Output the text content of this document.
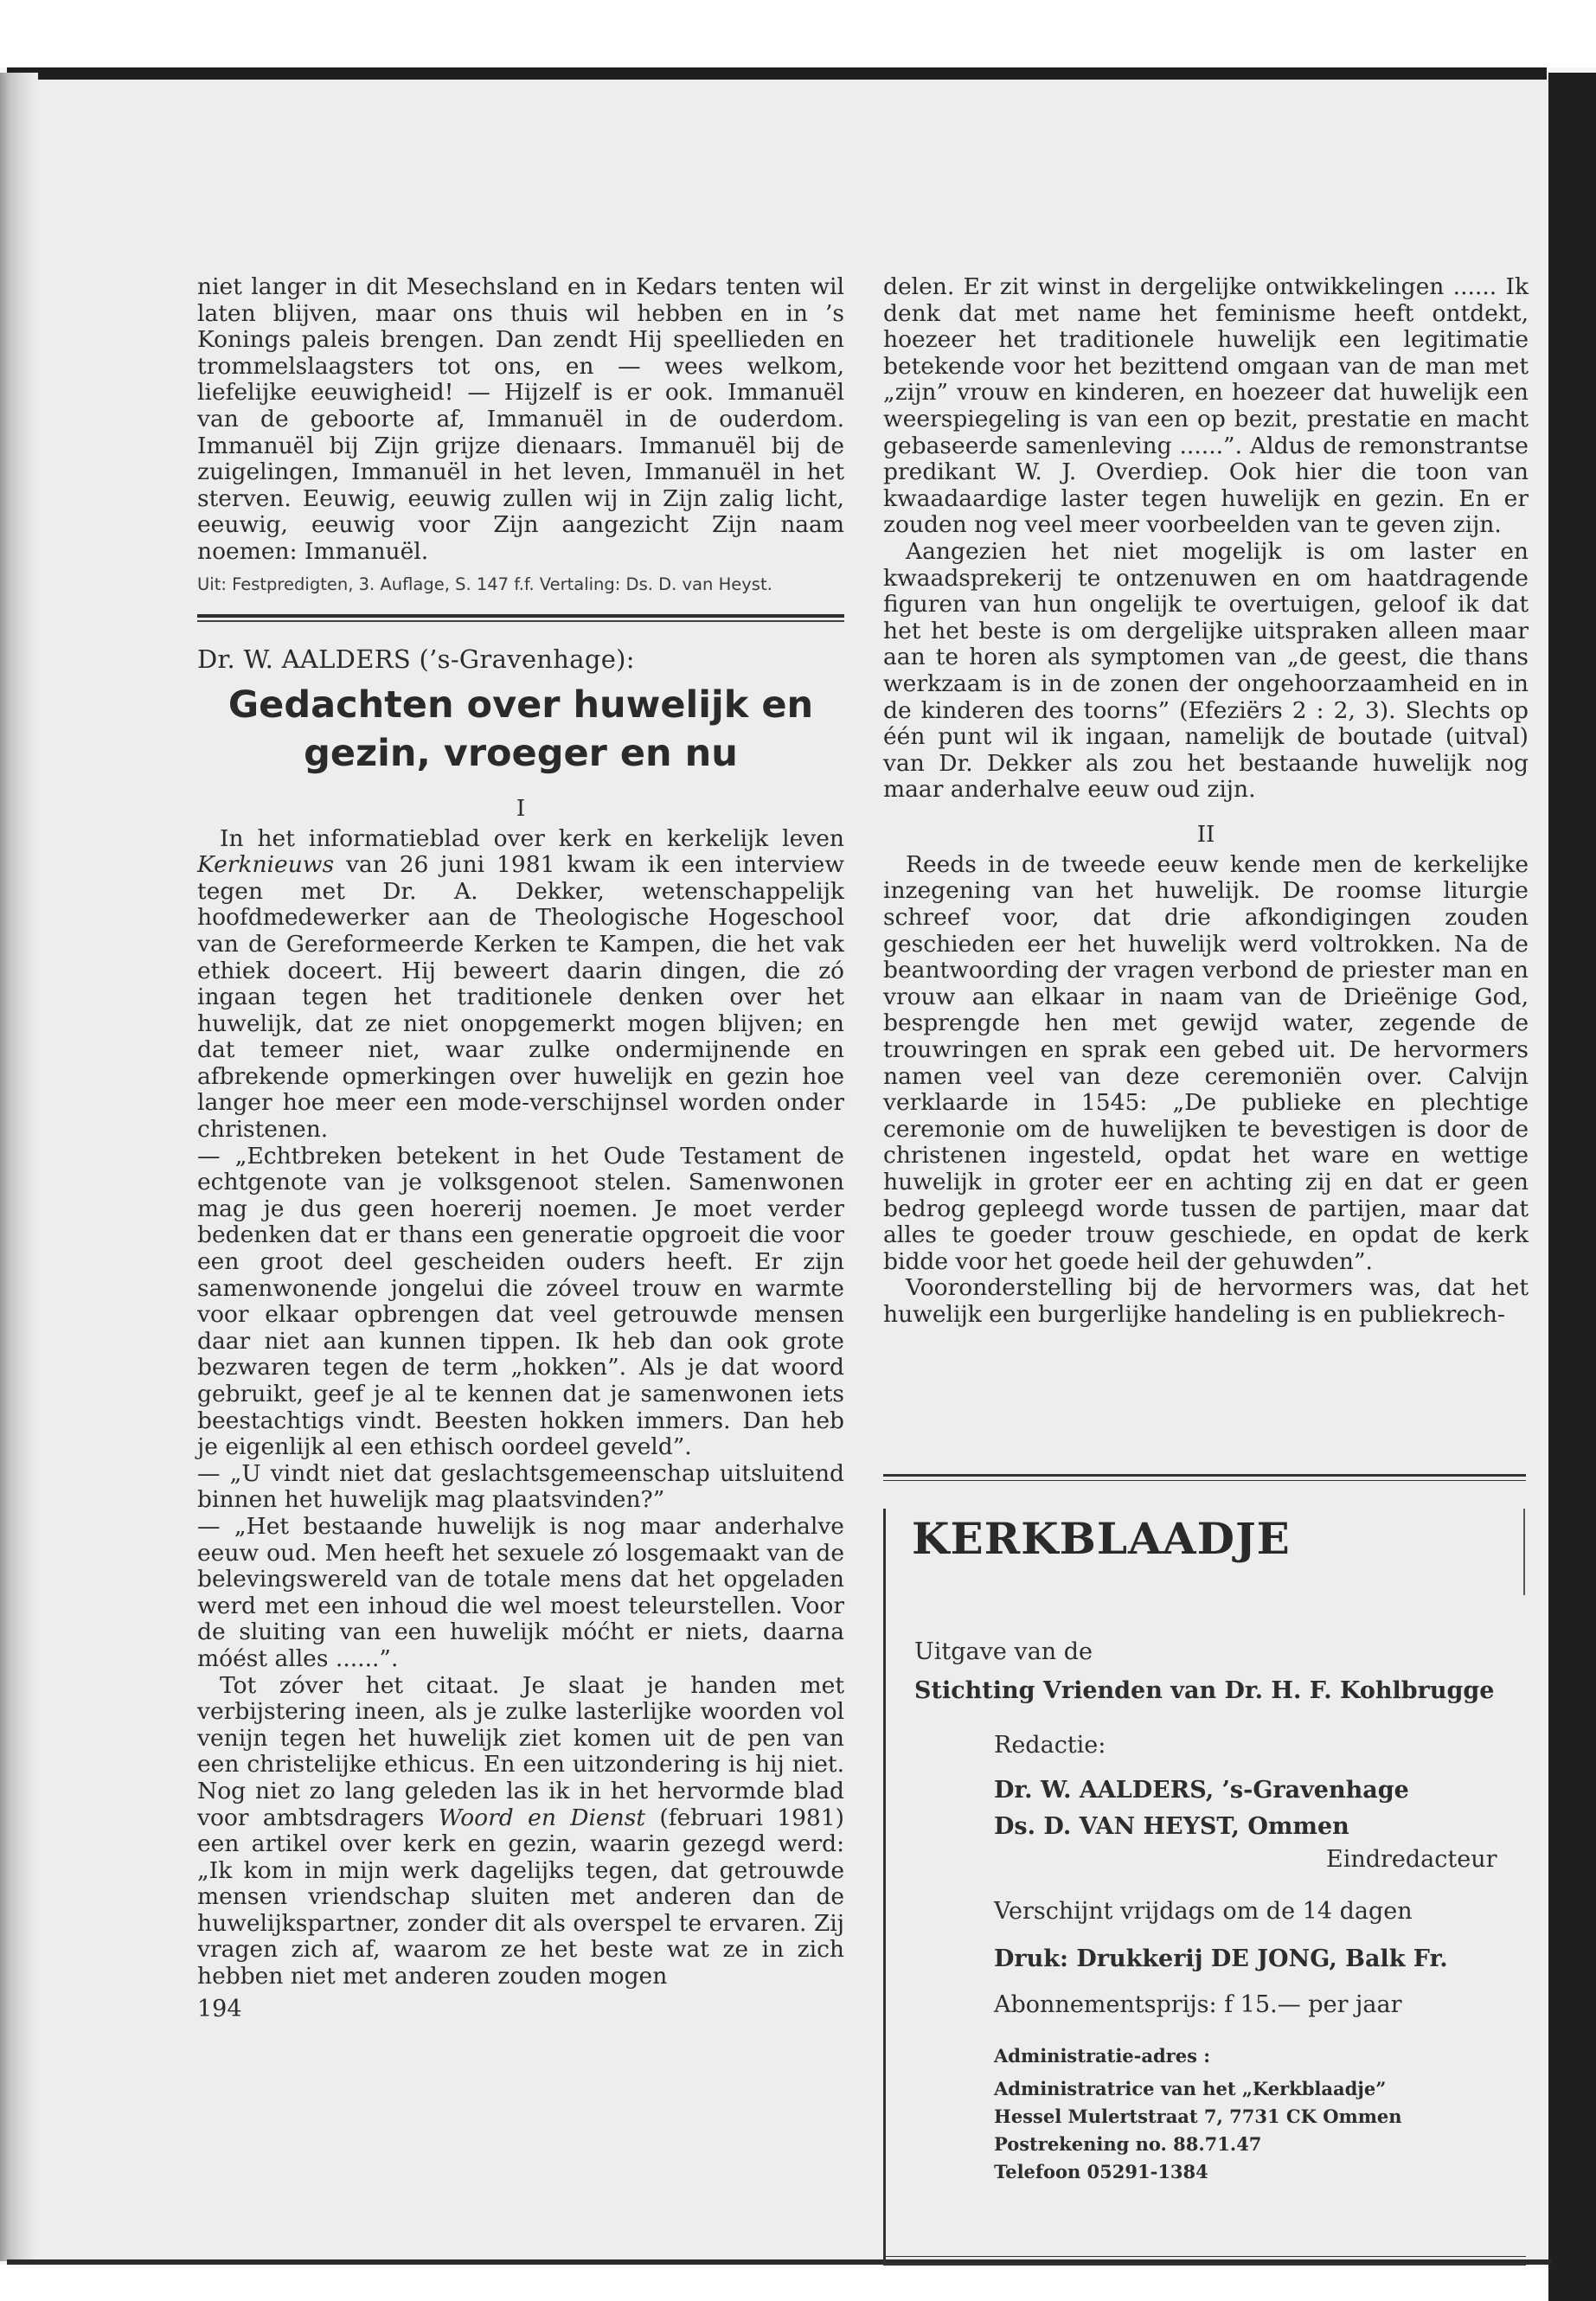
niet langer in dit Mesechsland en in Kedars tenten wil laten blijven, maar ons thuis wil hebben en in ’s Konings paleis brengen. Dan zendt Hij speellieden en trommelslaagsters tot ons, en — wees welkom, liefelijke eeuwigheid! — Hijzelf is er ook. Immanuël van de geboorte af, Immanuël in de ouderdom. Immanuël bij Zijn grijze dienaars. Immanuël bij de zuigelingen, Immanuël in het leven, Immanuël in het sterven. Eeuwig, eeuwig zullen wij in Zijn zalig licht, eeuwig, eeuwig voor Zijn aangezicht Zijn naam noemen: Immanuël.

Uit: Festpredigten, 3. Auflage, S. 147 f.f. Vertaling: Ds. D. van Heyst.
Dr. W. AALDERS (’s-Gravenhage):
Gedachten over huwelijk en gezin, vroeger en nu
I

In het informatieblad over kerk en kerkelijk leven Kerknieuws van 26 juni 1981 kwam ik een interview tegen met Dr. A. Dekker, wetenschappelijk hoofdmedewerker aan de Theologische Hogeschool van de Gereformeerde Kerken te Kampen, die het vak ethiek doceert. Hij beweert daarin dingen, die zó ingaan tegen het traditionele denken over het huwelijk, dat ze niet onopgemerkt mogen blijven; en dat temeer niet, waar zulke ondermijnende en afbrekende opmerkingen over huwelijk en gezin hoe langer hoe meer een mode-verschijnsel worden onder christenen.

— „Echtbreken betekent in het Oude Testament de echtgenote van je volksgenoot stelen. Samenwonen mag je dus geen hoererij noemen. Je moet verder bedenken dat er thans een generatie opgroeit die voor een groot deel gescheiden ouders heeft. Er zijn samenwonende jongelui die zóveel trouw en warmte voor elkaar opbrengen dat veel getrouwde mensen daar niet aan kunnen tippen. Ik heb dan ook grote bezwaren tegen de term „hokken”. Als je dat woord gebruikt, geef je al te kennen dat je samenwonen iets beestachtigs vindt. Beesten hokken immers. Dan heb je eigenlijk al een ethisch oordeel geveld”.

— „U vindt niet dat geslachtsgemeenschap uitsluitend binnen het huwelijk mag plaatsvinden?”

— „Het bestaande huwelijk is nog maar anderhalve eeuw oud. Men heeft het sexuele zó losgemaakt van de belevingswereld van de totale mens dat het opgeladen werd met een inhoud die wel moest teleurstellen. Voor de sluiting van een huwelijk móćht er niets, daarna móést alles ......”.

Tot zóver het citaat. Je slaat je handen met verbijstering ineen, als je zulke lasterlijke woorden vol venijn tegen het huwelijk ziet komen uit de pen van een christelijke ethicus. En een uitzondering is hij niet. Nog niet zo lang geleden las ik in het hervormde blad voor ambtsdragers Woord en Dienst (februari 1981) een artikel over kerk en gezin, waarin gezegd werd: „Ik kom in mijn werk dagelijks tegen, dat getrouwde mensen vriendschap sluiten met anderen dan de huwelijkspartner, zonder dit als overspel te ervaren. Zij vragen zich af, waarom ze het beste wat ze in zich hebben niet met anderen zouden mogen

194

delen. Er zit winst in dergelijke ontwikkelingen ...... Ik denk dat met name het feminisme heeft ontdekt, hoezeer het traditionele huwelijk een legitimatie betekende voor het bezittend omgaan van de man met „zijn” vrouw en kinderen, en hoezeer dat huwelijk een weerspiegeling is van een op bezit, prestatie en macht gebaseerde samenleving ......”. Aldus de remonstrantse predikant W. J. Overdiep. Ook hier die toon van kwaadaardige laster tegen huwelijk en gezin. En er zouden nog veel meer voorbeelden van te geven zijn.

Aangezien het niet mogelijk is om laster en kwaadsprekerij te ontzenuwen en om haatdragende figuren van hun ongelijk te overtuigen, geloof ik dat het het beste is om dergelijke uitspraken alleen maar aan te horen als symptomen van „de geest, die thans werkzaam is in de zonen der ongehoorzaamheid en in de kinderen des toorns” (Efeziërs 2 : 2, 3). Slechts op één punt wil ik ingaan, namelijk de boutade (uitval) van Dr. Dekker als zou het bestaande huwelijk nog maar anderhalve eeuw oud zijn.

II

Reeds in de tweede eeuw kende men de kerkelijke inzegening van het huwelijk. De roomse liturgie schreef voor, dat drie afkondigingen zouden geschieden eer het huwelijk werd voltrokken. Na de beantwoording der vragen verbond de priester man en vrouw aan elkaar in naam van de Drieënige God, besprengde hen met gewijd water, zegende de trouwringen en sprak een gebed uit. De hervormers namen veel van deze ceremoniën over. Calvijn verklaarde in 1545: „De publieke en plechtige ceremonie om de huwelijken te bevestigen is door de christenen ingesteld, opdat het ware en wettige huwelijk in groter eer en achting zij en dat er geen bedrog gepleegd worde tussen de partijen, maar dat alles te goeder trouw geschiede, en opdat de kerk bidde voor het goede heil der gehuwden”.

Vooronderstelling bij de hervormers was, dat het huwelijk een burgerlijke handeling is en publiekrech-

KERKBLAADJE
Uitgave van de
Stichting Vrienden van Dr. H. F. Kohlbrugge
Redactie:
Dr. W. AALDERS, ’s-Gravenhage
Ds. D. VAN HEYST, Ommen
Eindredacteur
Verschijnt vrijdags om de 14 dagen
Druk: Drukkerij DE JONG, Balk Fr.
Abonnementsprijs: f 15.— per jaar
Administratie-adres :
Administratrice van het „Kerkblaadje”
Hessel Mulertstraat 7, 7731 CK Ommen
Postrekening no. 88.71.47
Telefoon 05291-1384
